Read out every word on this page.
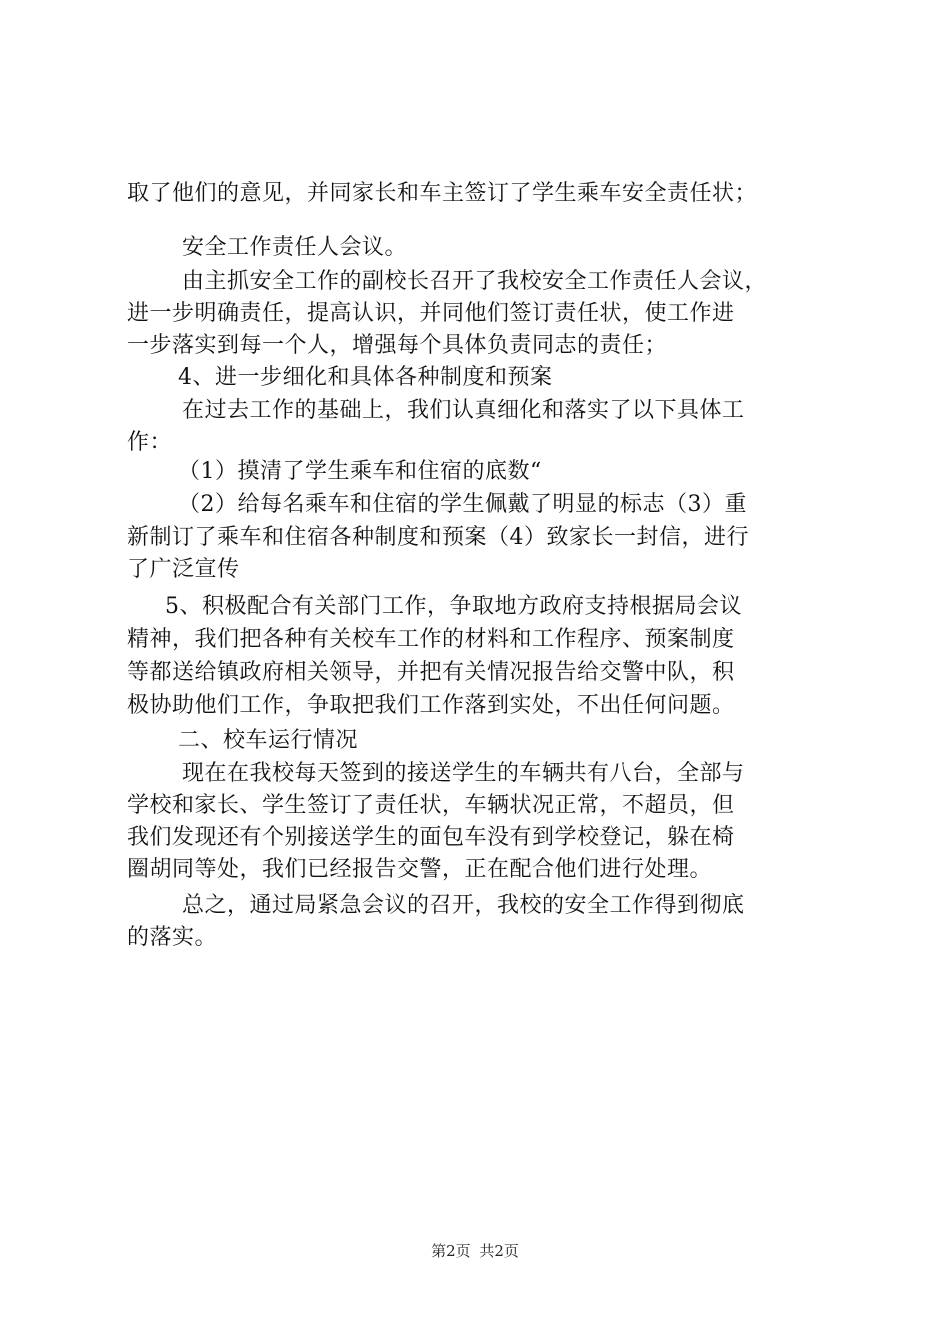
取了他们的意见，并同家长和车主签订了学生乘车安全责任状；
安全工作责任人会议。
由主抓安全工作的副校长召开了我校安全工作责任人会议，
进一步明确责任，提高认识，并同他们签订责任状，使工作进
一步落实到每一个人，增强每个具体负责同志的责任；
4、进一步细化和具体各种制度和预案
在过去工作的基础上，我们认真细化和落实了以下具体工
作：
（1）摸清了学生乘车和住宿的底数“
（2）给每名乘车和住宿的学生佩戴了明显的标志（3）重
新制订了乘车和住宿各种制度和预案（4）致家长一封信，进行
了广泛宣传
5、积极配合有关部门工作，争取地方政府支持根据局会议
精神，我们把各种有关校车工作的材料和工作程序、预案制度
等都送给镇政府相关领导，并把有关情况报告给交警中队，积
极协助他们工作，争取把我们工作落到实处，不出任何问题。
二、校车运行情况
现在在我校每天签到的接送学生的车辆共有八台，全部与
学校和家长、学生签订了责任状，车辆状况正常，不超员，但
我们发现还有个别接送学生的面包车没有到学校登记，躲在椅
圈胡同等处，我们已经报告交警，正在配合他们进行处理。
总之，通过局紧急会议的召开，我校的安全工作得到彻底
的落实。
第2页 共2页
